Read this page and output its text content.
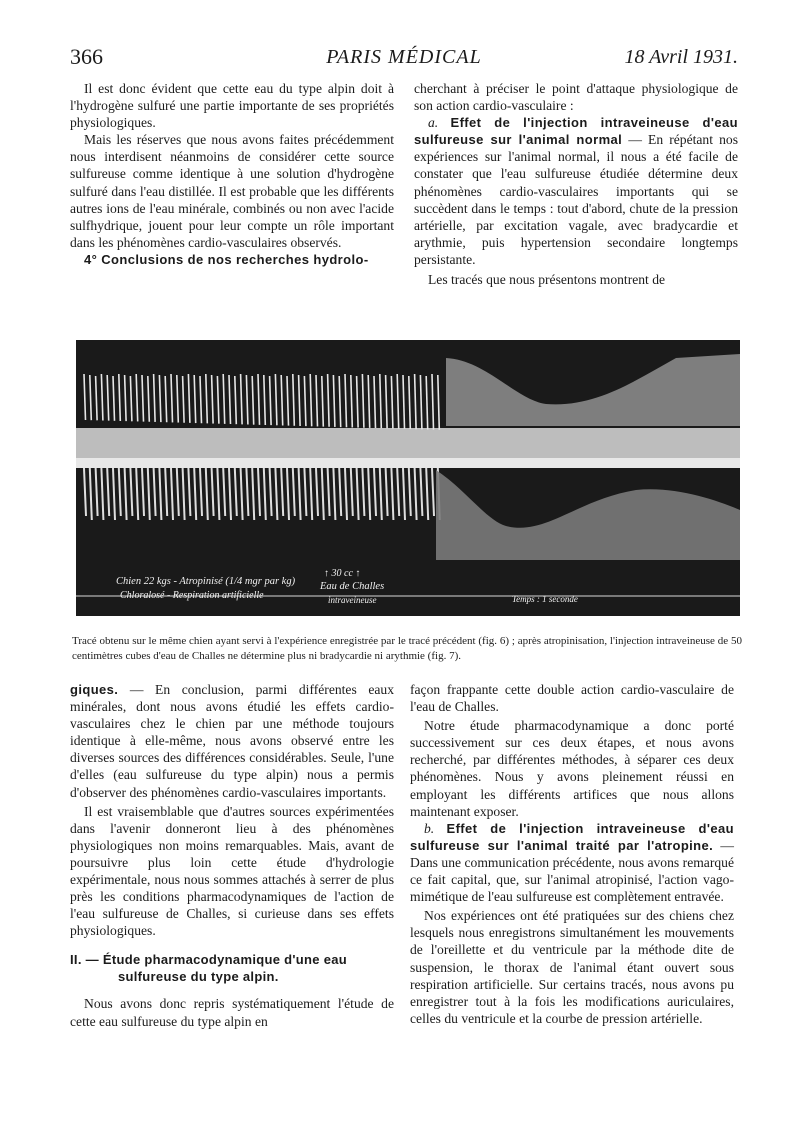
366	PARIS MÉDICAL	18 Avril 1931.

Il est donc évident que cette eau du type alpin doit à l'hydrogène sulfuré une partie importante de ses propriétés physiologiques.

Mais les réserves que nous avons faites précédemment nous interdisent néanmoins de considérer cette source sulfureuse comme identique à une solution d'hydrogène sulfuré dans l'eau distillée. Il est probable que les différents autres ions de l'eau minérale, combinés ou non avec l'acide sulfhydrique, jouent pour leur compte un rôle important dans les phénomènes cardio-vasculaires observés.

4° Conclusions de nos recherches hydrolo-

cherchant à préciser le point d'attaque physiologique de son action cardio-vasculaire :

a. Effet de l'injection intraveineuse d'eau sulfureuse sur l'animal normal — En répétant nos expériences sur l'animal normal, il nous a été facile de constater que l'eau sulfureuse étudiée détermine deux phénomènes cardio-vasculaires importants qui se succèdent dans le temps : tout d'abord, chute de la pression artérielle, par excitation vagale, avec bradycardie et arythmie, puis hypertension secondaire longtemps persistante.

Les tracés que nous présentons montrent de

Chien 22 kgs - Atropinisé (1/4 mgr par kg)
Chloralosé - Respiration artificielle
↑ 30 cc ↑
Eau de Challes
intraveineuse	Temps : 1 seconde
Tracé obtenu sur le même chien ayant servi à l'expérience enregistrée par le tracé précédent (fig. 6) ; après atropinisation, l'injection intraveineuse de 50 centimètres cubes d'eau de Challes ne détermine plus ni bradycardie ni arythmie (fig. 7).

giques. — En conclusion, parmi différentes eaux minérales, dont nous avons étudié les effets cardio-vasculaires chez le chien par une méthode toujours identique à elle-même, nous avons observé entre les diverses sources des différences considérables. Seule, l'une d'elles (eau sulfureuse du type alpin) nous a permis d'observer des phénomènes cardio-vasculaires importants.

Il est vraisemblable que d'autres sources expérimentées dans l'avenir donneront lieu à des phénomènes physiologiques non moins remarquables. Mais, avant de poursuivre plus loin cette étude d'hydrologie expérimentale, nous nous sommes attachés à serrer de plus près les conditions pharmacodynamiques de l'action de l'eau sulfureuse de Challes, si curieuse dans ses effets physiologiques.

II. — Étude pharmacodynamique d'une eau
sulfureuse du type alpin.

Nous avons donc repris systématiquement l'étude de cette eau sulfureuse du type alpin en

façon frappante cette double action cardio-vasculaire de l'eau de Challes.

Notre étude pharmacodynamique a donc porté successivement sur ces deux étapes, et nous avons recherché, par différentes méthodes, à séparer ces deux phénomènes. Nous y avons pleinement réussi en employant les différents artifices que nous allons maintenant exposer.

b. Effet de l'injection intraveineuse d'eau sulfureuse sur l'animal traité par l'atropine. — Dans une communication précédente, nous avons remarqué ce fait capital, que, sur l'animal atropinisé, l'action vago-mimétique de l'eau sulfureuse est complètement entravée.

Nos expériences ont été pratiquées sur des chiens chez lesquels nous enregistrons simultanément les mouvements de l'oreillette et du ventricule par la méthode dite de suspension, le thorax de l'animal étant ouvert sous respiration artificielle. Sur certains tracés, nous avons pu enregistrer tout à la fois les modifications auriculaires, celles du ventricule et la courbe de pression artérielle.
